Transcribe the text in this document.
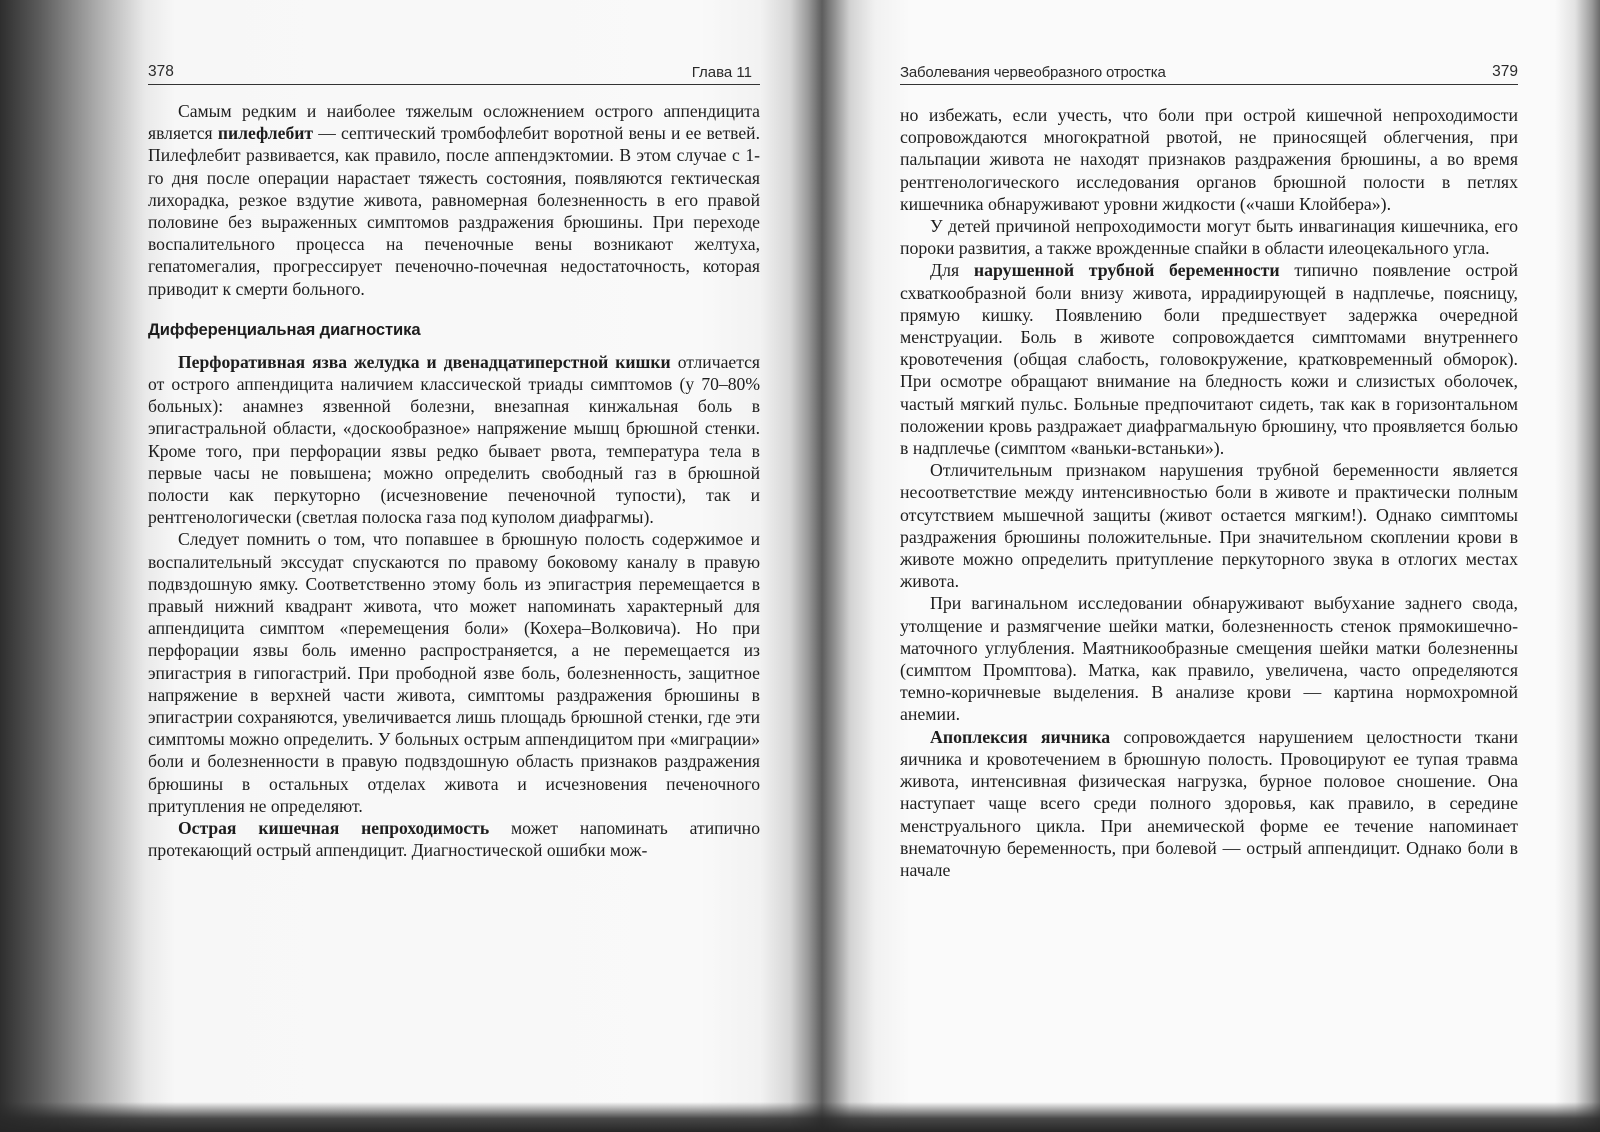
378	Глава 11

Самым редким и наиболее тяжелым осложнением острого аппендицита является пилефлебит — септический тромбофлебит воротной вены и ее ветвей. Пилефлебит развивается, как правило, после аппендэктомии. В этом случае с 1-го дня после операции нарастает тяжесть состояния, появляются гектическая лихорадка, резкое вздутие живота, равномерная болезненность в его правой половине без выраженных симптомов раздражения брюшины. При переходе воспалительного процесса на печеночные вены возникают желтуха, гепатомегалия, прогрессирует печеночно-почечная недостаточность, которая приводит к смерти больного.

Дифференциальная диагностика

Перфоративная язва желудка и двенадцатиперстной кишки отличается от острого аппендицита наличием классической триады симптомов (у 70–80% больных): анамнез язвенной болезни, внезапная кинжальная боль в эпигастральной области, «доскообразное» напряжение мышц брюшной стенки. Кроме того, при перфорации язвы редко бывает рвота, температура тела в первые часы не повышена; можно определить свободный газ в брюшной полости как перкуторно (исчезновение печеночной тупости), так и рентгенологически (светлая полоска газа под куполом диафрагмы).

Следует помнить о том, что попавшее в брюшную полость содержимое и воспалительный экссудат спускаются по правому боковому каналу в правую подвздошную ямку. Соответственно этому боль из эпигастрия перемещается в правый нижний квадрант живота, что может напоминать характерный для аппендицита симптом «перемещения боли» (Кохера–Волковича). Но при перфорации язвы боль именно распространяется, а не перемещается из эпигастрия в гипогастрий. При прободной язве боль, болезненность, защитное напряжение в верхней части живота, симптомы раздражения брюшины в эпигастрии сохраняются, увеличивается лишь площадь брюшной стенки, где эти симптомы можно определить. У больных острым аппендицитом при «миграции» боли и болезненности в правую подвздошную область признаков раздражения брюшины в остальных отделах живота и исчезновения печеночного притупления не определяют.

Острая кишечная непроходимость может напоминать атипично протекающий острый аппендицит. Диагностической ошибки мож-

Заболевания червеобразного отростка	379

но избежать, если учесть, что боли при острой кишечной непроходимости сопровождаются многократной рвотой, не приносящей облегчения, при пальпации живота не находят признаков раздражения брюшины, а во время рентгенологического исследования органов брюшной полости в петлях кишечника обнаруживают уровни жидкости («чаши Клойбера»).

У детей причиной непроходимости могут быть инвагинация кишечника, его пороки развития, а также врожденные спайки в области илеоцекального угла.

Для нарушенной трубной беременности типично появление острой схваткообразной боли внизу живота, иррадиирующей в надплечье, поясницу, прямую кишку. Появлению боли предшествует задержка очередной менструации. Боль в животе сопровождается симптомами внутреннего кровотечения (общая слабость, головокружение, кратковременный обморок). При осмотре обращают внимание на бледность кожи и слизистых оболочек, частый мягкий пульс. Больные предпочитают сидеть, так как в горизонтальном положении кровь раздражает диафрагмальную брюшину, что проявляется болью в надплечье (симптом «ваньки-встаньки»).

Отличительным признаком нарушения трубной беременности является несоответствие между интенсивностью боли в животе и практически полным отсутствием мышечной защиты (живот остается мягким!). Однако симптомы раздражения брюшины положительные. При значительном скоплении крови в животе можно определить притупление перкуторного звука в отлогих местах живота.

При вагинальном исследовании обнаруживают выбухание заднего свода, утолщение и размягчение шейки матки, болезненность стенок прямокишечно-маточного углубления. Маятникообразные смещения шейки матки болезненны (симптом Промптова). Матка, как правило, увеличена, часто определяются темно-коричневые выделения. В анализе крови — картина нормохромной анемии.

Апоплексия яичника сопровождается нарушением целостности ткани яичника и кровотечением в брюшную полость. Провоцируют ее тупая травма живота, интенсивная физическая нагрузка, бурное половое сношение. Она наступает чаще всего среди полного здоровья, как правило, в середине менструального цикла. При анемической форме ее течение напоминает внематочную беременность, при болевой — острый аппендицит. Однако боли в начале
